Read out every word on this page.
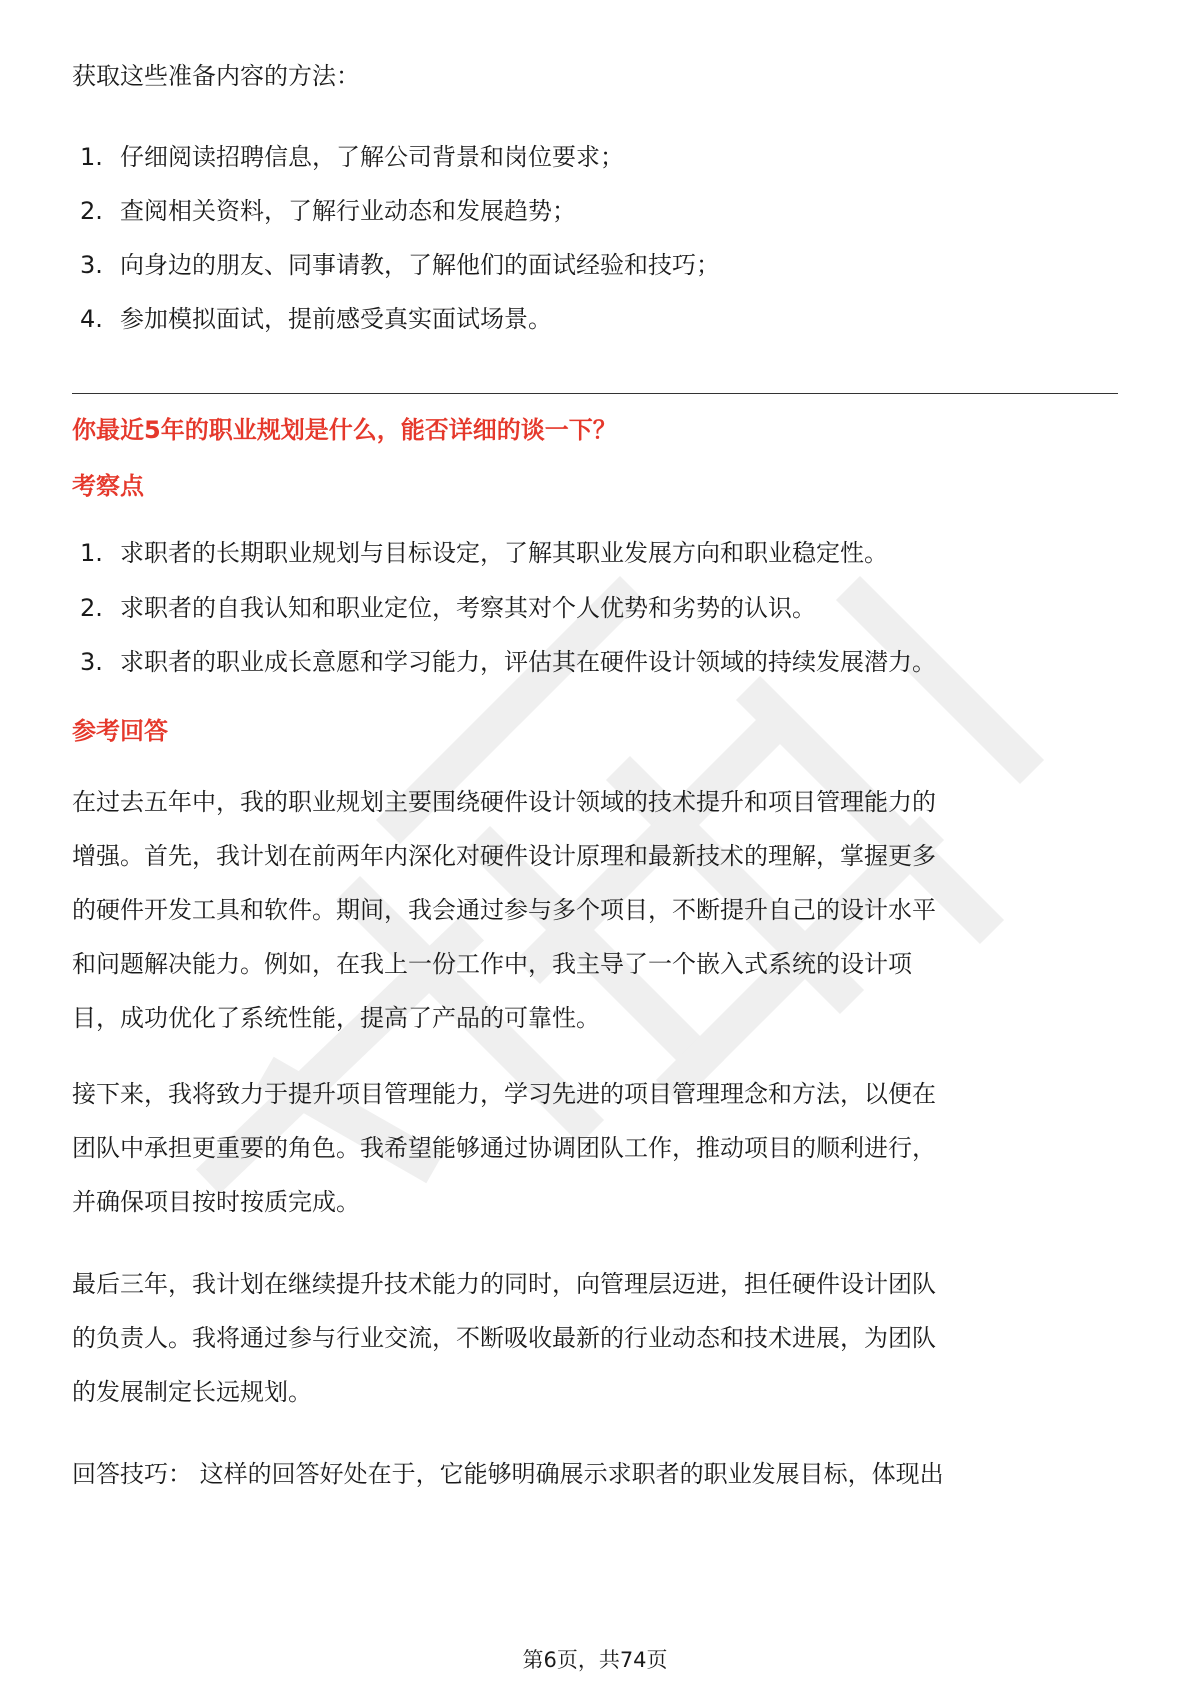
获取这些准备内容的方法：
1. 仔细阅读招聘信息，了解公司背景和岗位要求；
2. 查阅相关资料，了解行业动态和发展趋势；
3. 向身边的朋友、同事请教，了解他们的面试经验和技巧；
4. 参加模拟面试，提前感受真实面试场景。
你最近5年的职业规划是什么，能否详细的谈一下？
考察点
1. 求职者的长期职业规划与目标设定，了解其职业发展方向和职业稳定性。
2. 求职者的自我认知和职业定位，考察其对个人优势和劣势的认识。
3. 求职者的职业成长意愿和学习能力，评估其在硬件设计领域的持续发展潜力。
参考回答
在过去五年中，我的职业规划主要围绕硬件设计领域的技术提升和项目管理能力的
增强。首先，我计划在前两年内深化对硬件设计原理和最新技术的理解，掌握更多
的硬件开发工具和软件。期间，我会通过参与多个项目，不断提升自己的设计水平
和问题解决能力。例如，在我上一份工作中，我主导了一个嵌入式系统的设计项
目，成功优化了系统性能，提高了产品的可靠性。
接下来，我将致力于提升项目管理能力，学习先进的项目管理理念和方法，以便在
团队中承担更重要的角色。我希望能够通过协调团队工作，推动项目的顺利进行，
并确保项目按时按质完成。
最后三年，我计划在继续提升技术能力的同时，向管理层迈进，担任硬件设计团队
的负责人。我将通过参与行业交流，不断吸收最新的行业动态和技术进展，为团队
的发展制定长远规划。
回答技巧： 这样的回答好处在于，它能够明确展示求职者的职业发展目标，体现出
第6页，共74页
